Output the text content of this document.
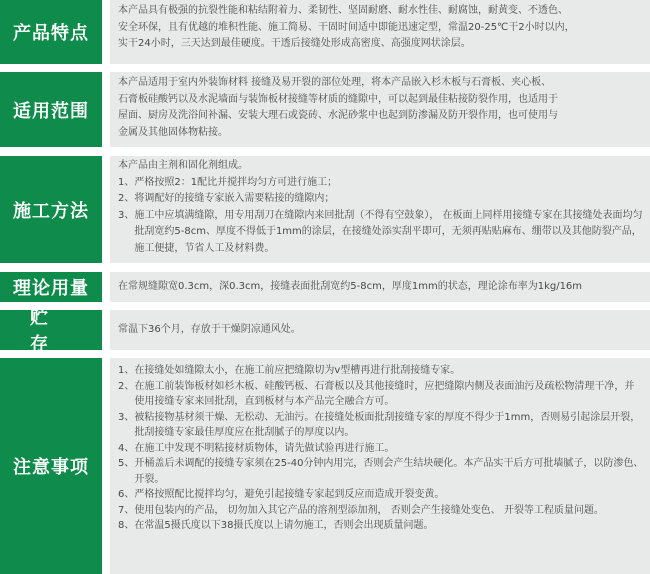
产品特点

本产品具有极强的抗裂性能和粘结附着力、柔韧性、坚固耐磨、耐水性佳、耐腐蚀，耐黄变、不透色、

安全环保，且有优越的堆积性能、施工简易、干固时间适中即能迅速定型，常温20-25℃干2小时以内，

实干24小时，三天达到最佳硬度。干透后接缝处形成高密度、高强度网状涂层。

适用范围

本产品适用于室内外装饰材料 接缝及易开裂的部位处理，将本产品嵌入杉木板与石膏板、夹心板、

石膏板硅酸钙以及水泥墙面与装饰板材接缝等材质的缝隙中，可以起到最佳粘接防裂作用，也适用于

屋面、厨房及洗浴间补漏、安装大理石或瓷砖、水泥砂浆中也起到防渗漏及防开裂作用，也可使用与

金属及其他固体物粘接。

施工方法

本产品由主剂和固化剂组成。

1、 严格按照2：1配比并搅拌均匀方可进行施工；
2、 将调配好的接缝专家嵌入需要粘接的缝隙内；
3、 施工中应填满缝隙，用专用刮刀在缝隙内来回批刮（不得有空鼓象）， 在板面上同样用接缝专家在其接缝处表面均匀批刮宽约5-8cm、厚度不得低于1mm的涂层，在接缝处添实刮平即可，无须再贴贴麻布、绷带以及其他防裂产品，施工便捷，节省人工及材料费。
理论用量	在常规缝隙宽0.3cm，深0.3cm，接缝表面批刮宽约5-8cm，厚度1mm的状态，理论涂布率为1kg/16m

贮存

常温下36个月，存放于干燥阴凉通风处。

注意事项
1、 在接缝处如缝隙太小，在施工前应把缝隙切为v型槽再进行批刮接缝专家。
2、 在施工前装饰板材如杉木板、硅酸钙板、石膏板以及其他接缝时，应把缝隙内侧及表面油污及疏松物清理干净，并使用接缝专家来回批刮，直到板材与本产品完全融合方可。
3、 被粘接物基材须干燥、无松动、无油污。在接缝处板面批刮接缝专家的厚度不得少于1mm，否则易引起涂层开裂，批刮接缝专家最佳厚度应在批刮腻子的厚度以内。
4、 在施工中发现不明粘接材质物体，请先做试验再进行施工。
5、 开桶盖后未调配的接缝专家须在25-40分钟内用完，否则会产生结块硬化。本产品实干后方可批墙腻子，以防渗色、开裂。
6、 严格按照配比搅拌均匀，避免引起接缝专家起到反应而造成开裂变黄。
7、 使用包装内的产品， 切勿加入其它产品的溶剂型添加剂， 否则会产生接缝处变色、 开裂等工程质量问题。
8、 在常温5摄氏度以下38摄氏度以上请勿施工，否则会出现质量问题。
